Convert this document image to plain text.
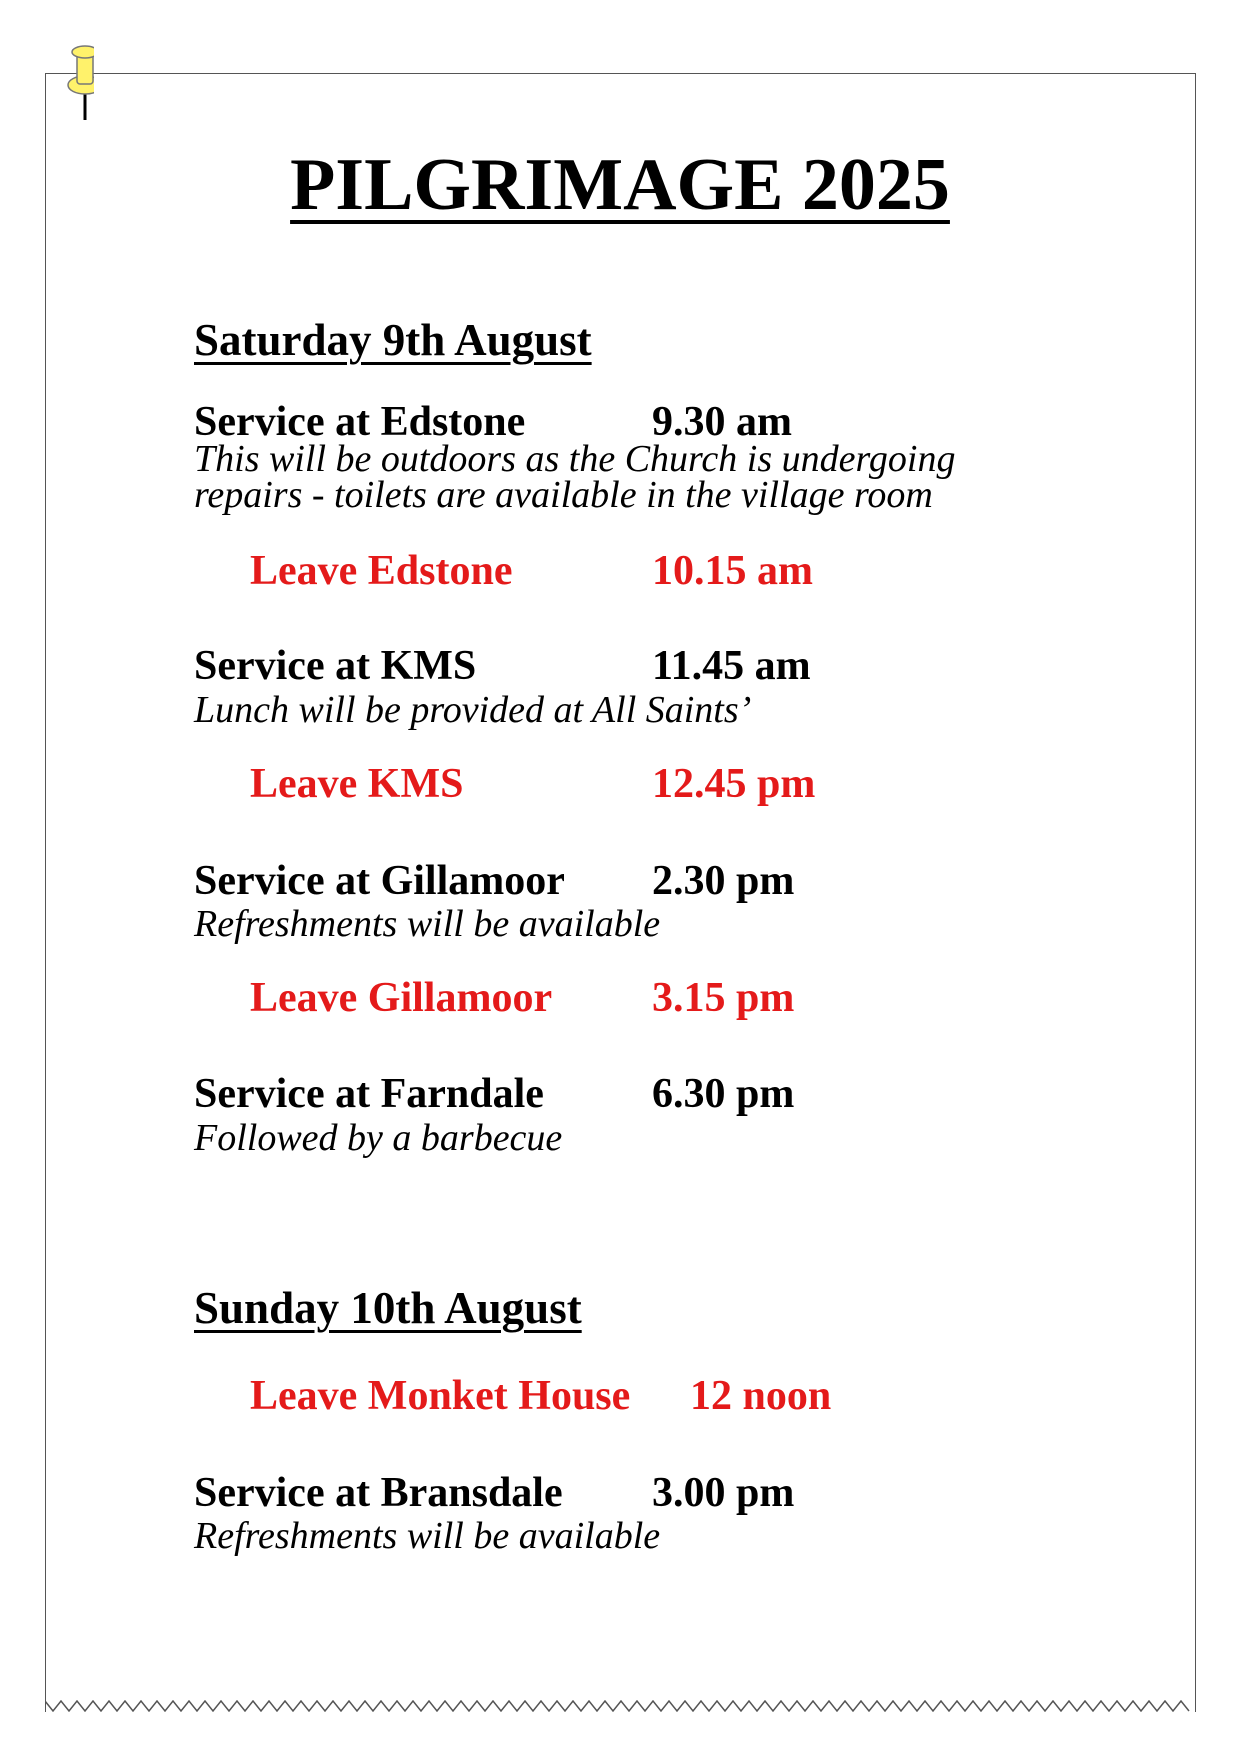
PILGRIMAGE 2025
Saturday 9th August
Service at Edstone	9.30 am
This will be outdoors as the Church is undergoing
repairs - toilets are available in the village room
Leave Edstone	10.15 am
Service at KMS	11.45 am
Lunch will be provided at All Saints’
Leave KMS	12.45 pm
Service at Gillamoor 2.30 pm
Refreshments will be available
Leave Gillamoor 3.15 pm
Service at Farndale	6.30 pm
Followed by a barbecue
Sunday 10th August
Leave Monket House 12 noon
Service at Bransdale 3.00 pm
Refreshments will be available
